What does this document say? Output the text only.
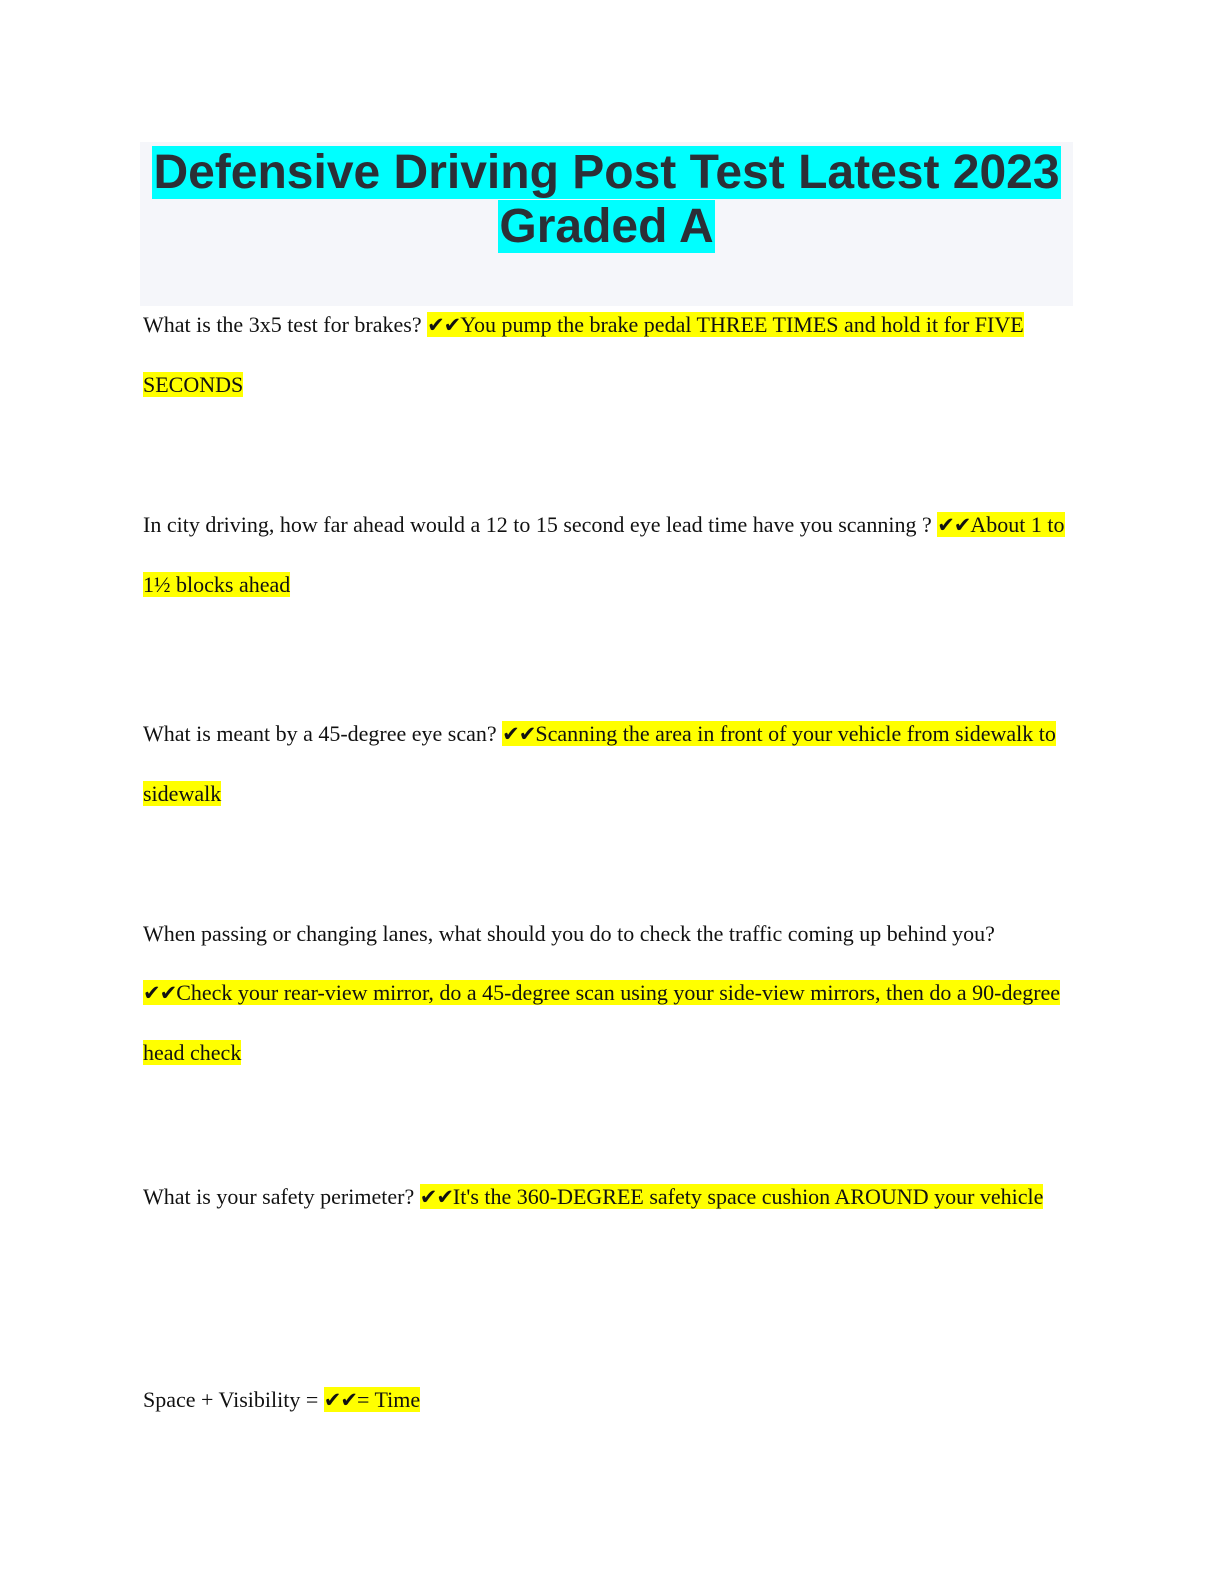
Defensive Driving Post Test Latest 2023
Graded A

What is the 3x5 test for brakes? ✔✔You pump the brake pedal THREE TIMES and hold it for FIVE SECONDS

In city driving, how far ahead would a 12 to 15 second eye lead time have you scanning ? ✔✔About 1 to 1½ blocks ahead

What is meant by a 45-degree eye scan? ✔✔Scanning the area in front of your vehicle from sidewalk to sidewalk

When passing or changing lanes, what should you do to check the traffic coming up behind you? ✔✔Check your rear-view mirror, do a 45-degree scan using your side-view mirrors, then do a 90-degree head check

What is your safety perimeter? ✔✔It's the 360-DEGREE safety space cushion AROUND your vehicle

Space + Visibility = ✔✔= Time
